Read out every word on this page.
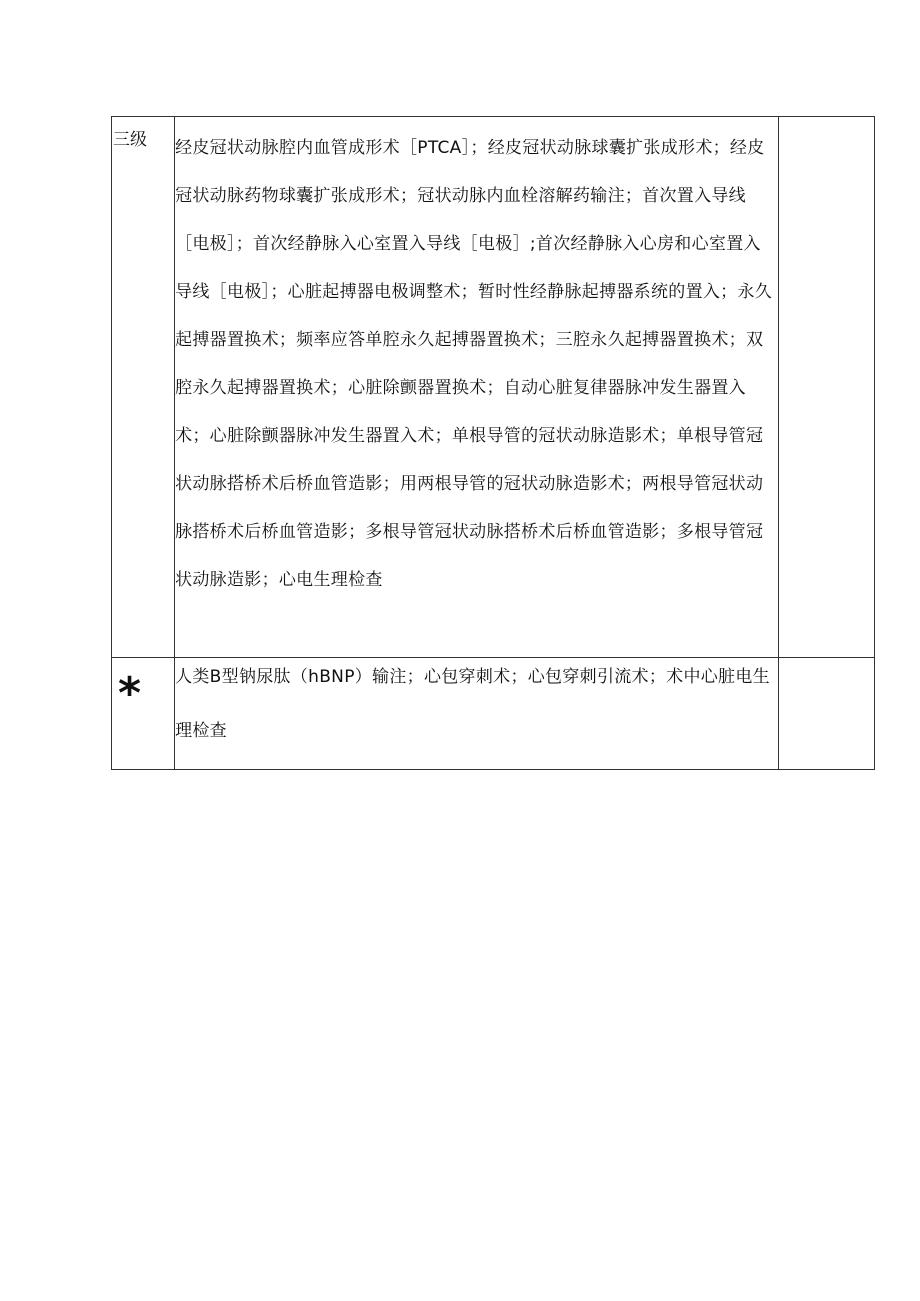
三级	经皮冠状动脉腔内血管成形术［PTCA］；经皮冠状动脉球囊扩张成形术；经皮冠状动脉药物球囊扩张成形术；冠状动脉内血栓溶解药输注；首次置入导线［电极］；首次经静脉入心室置入导线［电极］;首次经静脉入心房和心室置入导线［电极］；心脏起搏器电极调整术；暂时性经静脉起搏器系统的置入；永久起搏器置换术；频率应答单腔永久起搏器置换术；三腔永久起搏器置换术；双腔永久起搏器置换术；心脏除颤器置换术；自动心脏复律器脉冲发生器置入术；心脏除颤器脉冲发生器置入术；单根导管的冠状动脉造影术；单根导管冠状动脉搭桥术后桥血管造影；用两根导管的冠状动脉造影术；两根导管冠状动脉搭桥术后桥血管造影；多根导管冠状动脉搭桥术后桥血管造影；多根导管冠状动脉造影；心电生理检查	

*	人类B型钠尿肽（hBNP）输注；心包穿刺术；心包穿刺引流术；术中心脏电生理检查	
